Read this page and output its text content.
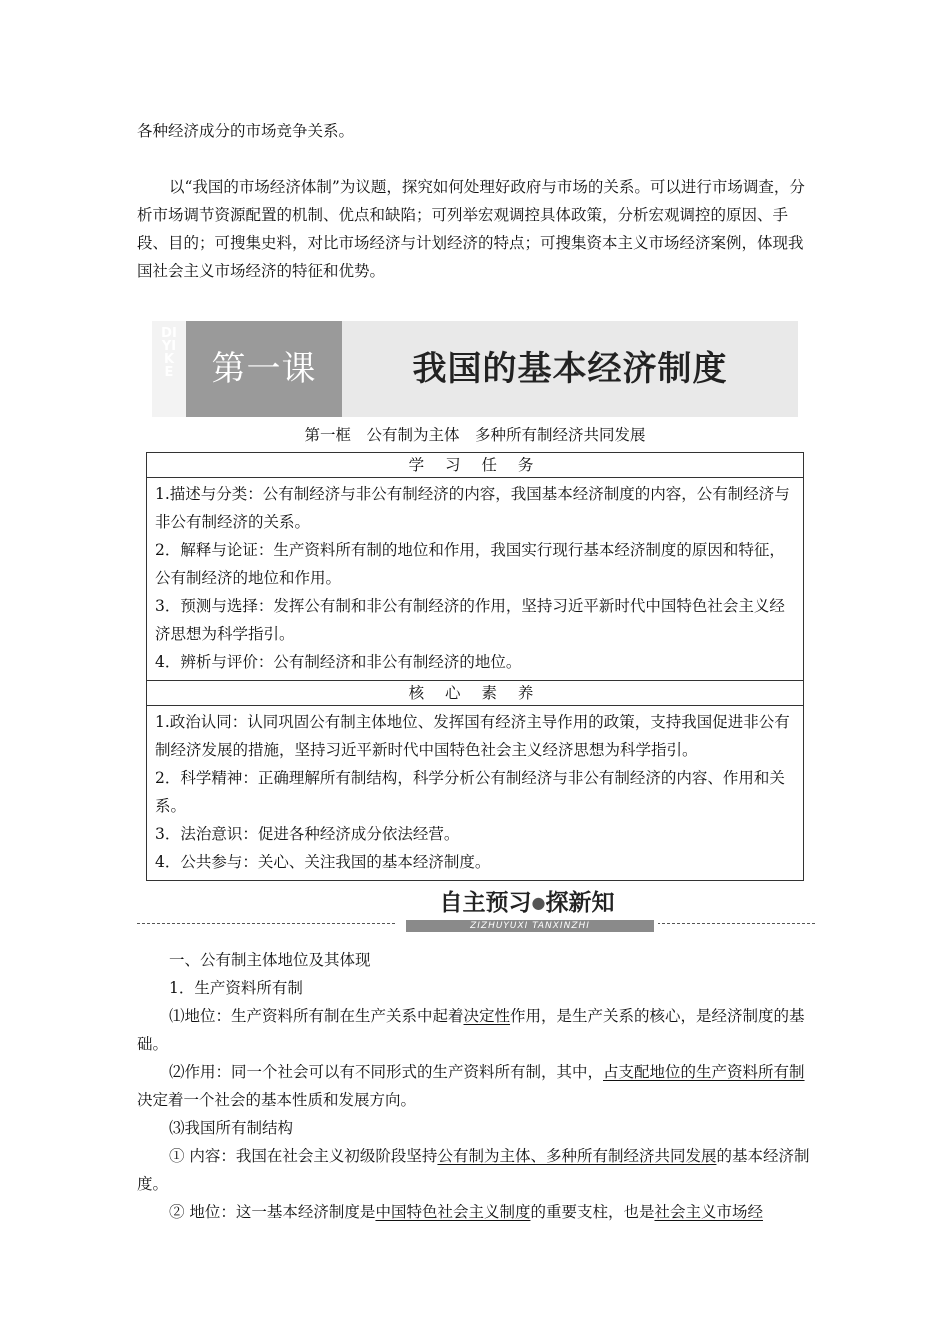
各种经济成分的市场竞争关系。

以“我国的市场经济体制”为议题，探究如何处理好政府与市场的关系。可以进行市场调查，分析市场调节资源配置的机制、优点和缺陷；可列举宏观调控具体政策，分析宏观调控的原因、手段、目的；可搜集史料，对比市场经济与计划经济的特点；可搜集资本主义市场经济案例，体现我国社会主义市场经济的特征和优势。

DIYIKE	第一课	我国的基本经济制度
第一框　公有制为主体　多种所有制经济共同发展
学 习 任 务

1.描述与分类：公有制经济与非公有制经济的内容，我国基本经济制度的内容，公有制经济与非公有制经济的关系。

2．解释与论证：生产资料所有制的地位和作用，我国实行现行基本经济制度的原因和特征，公有制经济的地位和作用。

3．预测与选择：发挥公有制和非公有制经济的作用，坚持习近平新时代中国特色社会主义经济思想为科学指引。

4．辨析与评价：公有制经济和非公有制经济的地位。

核 心 素 养

1.政治认同：认同巩固公有制主体地位、发挥国有经济主导作用的政策，支持我国促进非公有制经济发展的措施，坚持习近平新时代中国特色社会主义经济思想为科学指引。

2．科学精神：正确理解所有制结构，科学分析公有制经济与非公有制经济的内容、作用和关系。

3．法治意识：促进各种经济成分依法经营。

4．公共参与：关心、关注我国的基本经济制度。

自主预习●探新知
ZIZHUYUXI TANXINZHI

一、公有制主体地位及其体现

1．生产资料所有制

⑴地位：生产资料所有制在生产关系中起着决定性作用，是生产关系的核心，是经济制度的基础。

⑵作用：同一个社会可以有不同形式的生产资料所有制，其中，占支配地位的生产资料所有制决定着一个社会的基本性质和发展方向。

⑶我国所有制结构

① 内容：我国在社会主义初级阶段坚持公有制为主体、多种所有制经济共同发展的基本经济制度。

② 地位：这一基本经济制度是中国特色社会主义制度的重要支柱，也是社会主义市场经
